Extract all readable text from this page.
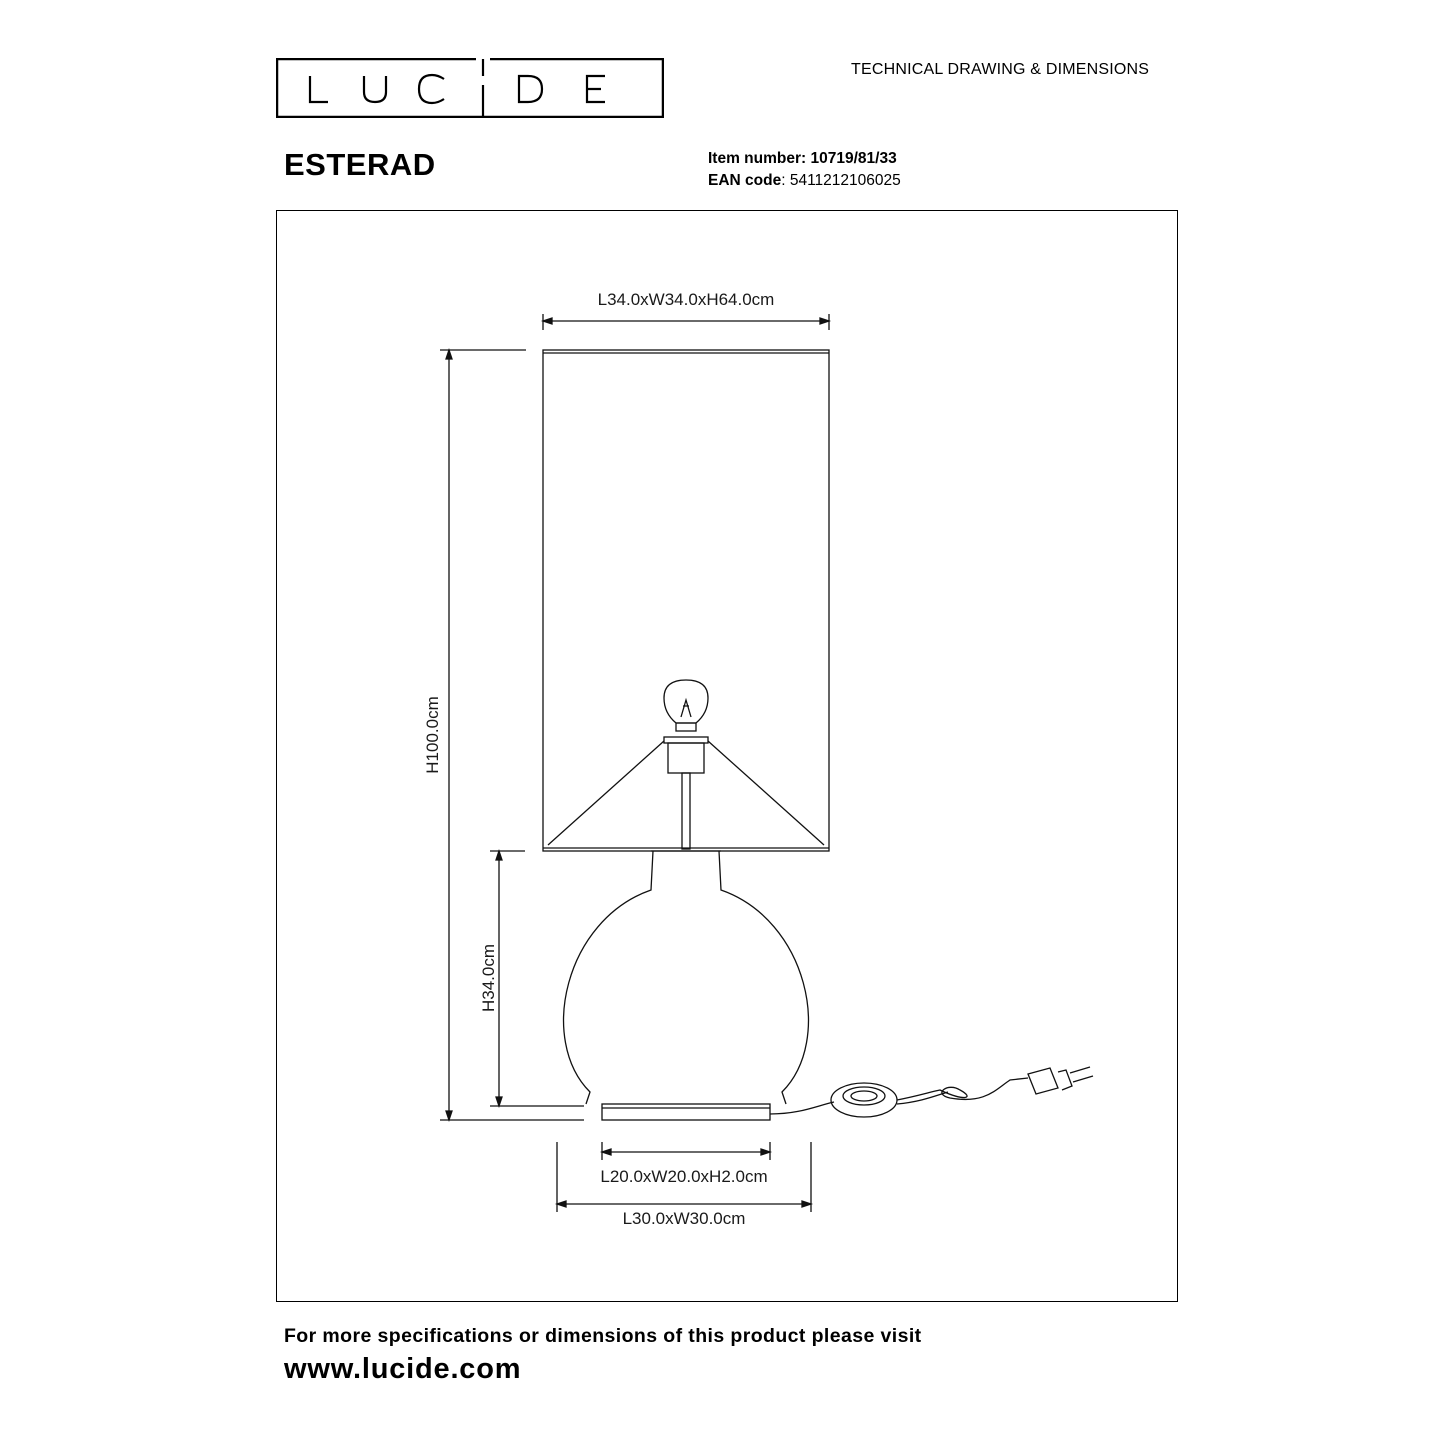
TECHNICAL DRAWING & DIMENSIONS
ESTERAD	Item number: 10719/81/33
EAN code: 5411212106025
L34.0xW34.0xH64.0cm
H100.0cm
H34.0cm
L20.0xW20.0xH2.0cm
L30.0xW30.0cm
For more specifications or dimensions of this product please visit
www.lucide.com
